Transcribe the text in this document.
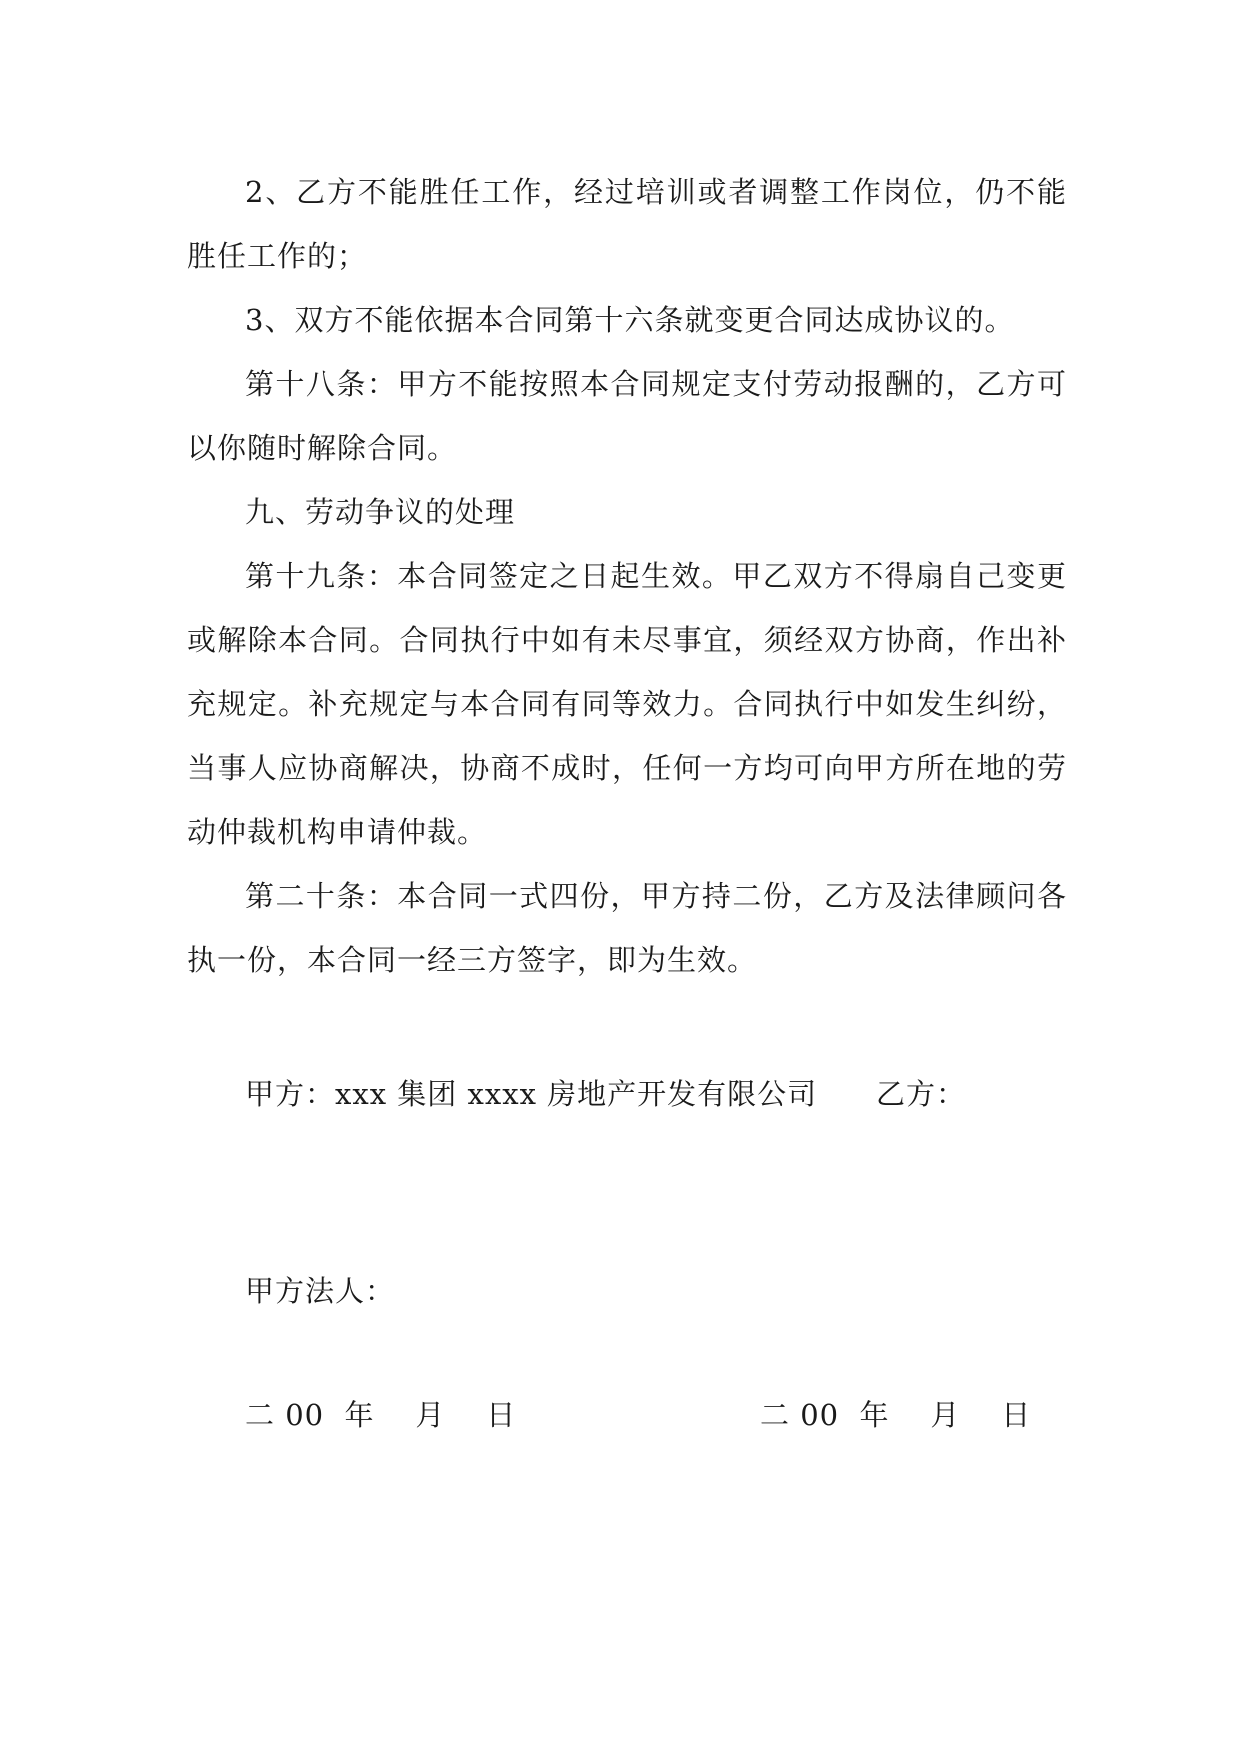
2、乙方不能胜任工作，经过培训或者调整工作岗位，仍不能胜任工作的；

3、双方不能依据本合同第十六条就变更合同达成协议的。

第十八条：甲方不能按照本合同规定支付劳动报酬的，乙方可以你随时解除合同。

九、劳动争议的处理

第十九条：本合同签定之日起生效。甲乙双方不得扇自己变更或解除本合同。合同执行中如有未尽事宜，须经双方协商，作出补充规定。补充规定与本合同有同等效力。合同执行中如发生纠纷，当事人应协商解决，协商不成时，任何一方均可向甲方所在地的劳动仲裁机构申请仲裁。

第二十条：本合同一式四份，甲方持二份，乙方及法律顾问各执一份，本合同一经三方签字，即为生效。

甲方：xxx 集团 xxxx 房地产开发有限公司 乙方：
甲方法人：
二 00  年    月    日	二 00  年    月    日
